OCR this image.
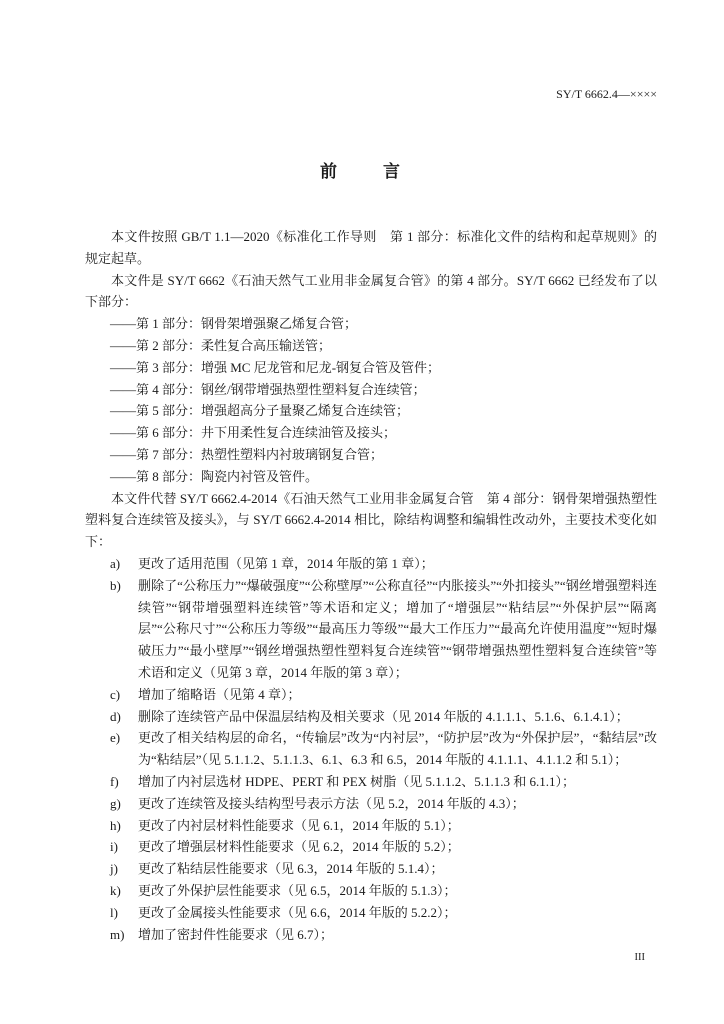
SY/T 6662.4—××××
前　　言

本文件按照 GB/T 1.1—2020《标准化工作导则　第 1 部分：标准化文件的结构和起草规则》的规定起草。

本文件是 SY/T 6662《石油天然气工业用非金属复合管》的第 4 部分。SY/T 6662 已经发布了以下部分：

——第 1 部分：钢骨架增强聚乙烯复合管；
——第 2 部分：柔性复合高压输送管；
——第 3 部分：增强 MC 尼龙管和尼龙-钢复合管及管件；
——第 4 部分：钢丝/钢带增强热塑性塑料复合连续管；
——第 5 部分：增强超高分子量聚乙烯复合连续管；
——第 6 部分：井下用柔性复合连续油管及接头；
——第 7 部分：热塑性塑料内衬玻璃钢复合管；
——第 8 部分：陶瓷内衬管及管件。

本文件代替 SY/T 6662.4-2014《石油天然气工业用非金属复合管　第 4 部分：钢骨架增强热塑性塑料复合连续管及接头》，与 SY/T 6662.4-2014 相比，除结构调整和编辑性改动外，主要技术变化如下：

a)	更改了适用范围（见第 1 章，2014 年版的第 1 章）；
b)	删除了“公称压力”“爆破强度”“公称壁厚”“公称直径”“内胀接头”“外扣接头”“钢丝增强塑料连续管”“钢带增强塑料连续管”等术语和定义；增加了“增强层”“粘结层”“外保护层”“隔离层”“公称尺寸”“公称压力等级”“最高压力等级”“最大工作压力”“最高允许使用温度”“短时爆破压力”“最小壁厚”“钢丝增强热塑性塑料复合连续管”“钢带增强热塑性塑料复合连续管”等术语和定义（见第 3 章，2014 年版的第 3 章）；
c)	增加了缩略语（见第 4 章）；
d)	删除了连续管产品中保温层结构及相关要求（见 2014 年版的 4.1.1.1、5.1.6、6.1.4.1）；
e)	更改了相关结构层的命名，“传输层”改为“内衬层”，“防护层”改为“外保护层”，“黏结层”改为“粘结层”（见 5.1.1.2、5.1.1.3、6.1、6.3 和 6.5，2014 年版的 4.1.1.1、4.1.1.2 和 5.1）；
f)	增加了内衬层选材 HDPE、PERT 和 PEX 树脂（见 5.1.1.2、5.1.1.3 和 6.1.1）；
g)	更改了连续管及接头结构型号表示方法（见 5.2，2014 年版的 4.3）；
h)	更改了内衬层材料性能要求（见 6.1，2014 年版的 5.1）；
i)	更改了增强层材料性能要求（见 6.2，2014 年版的 5.2）；
j)	更改了粘结层性能要求（见 6.3，2014 年版的 5.1.4）；
k)	更改了外保护层性能要求（见 6.5，2014 年版的 5.1.3）；
l)	更改了金属接头性能要求（见 6.6，2014 年版的 5.2.2）；
m)	增加了密封件性能要求（见 6.7）；
III
